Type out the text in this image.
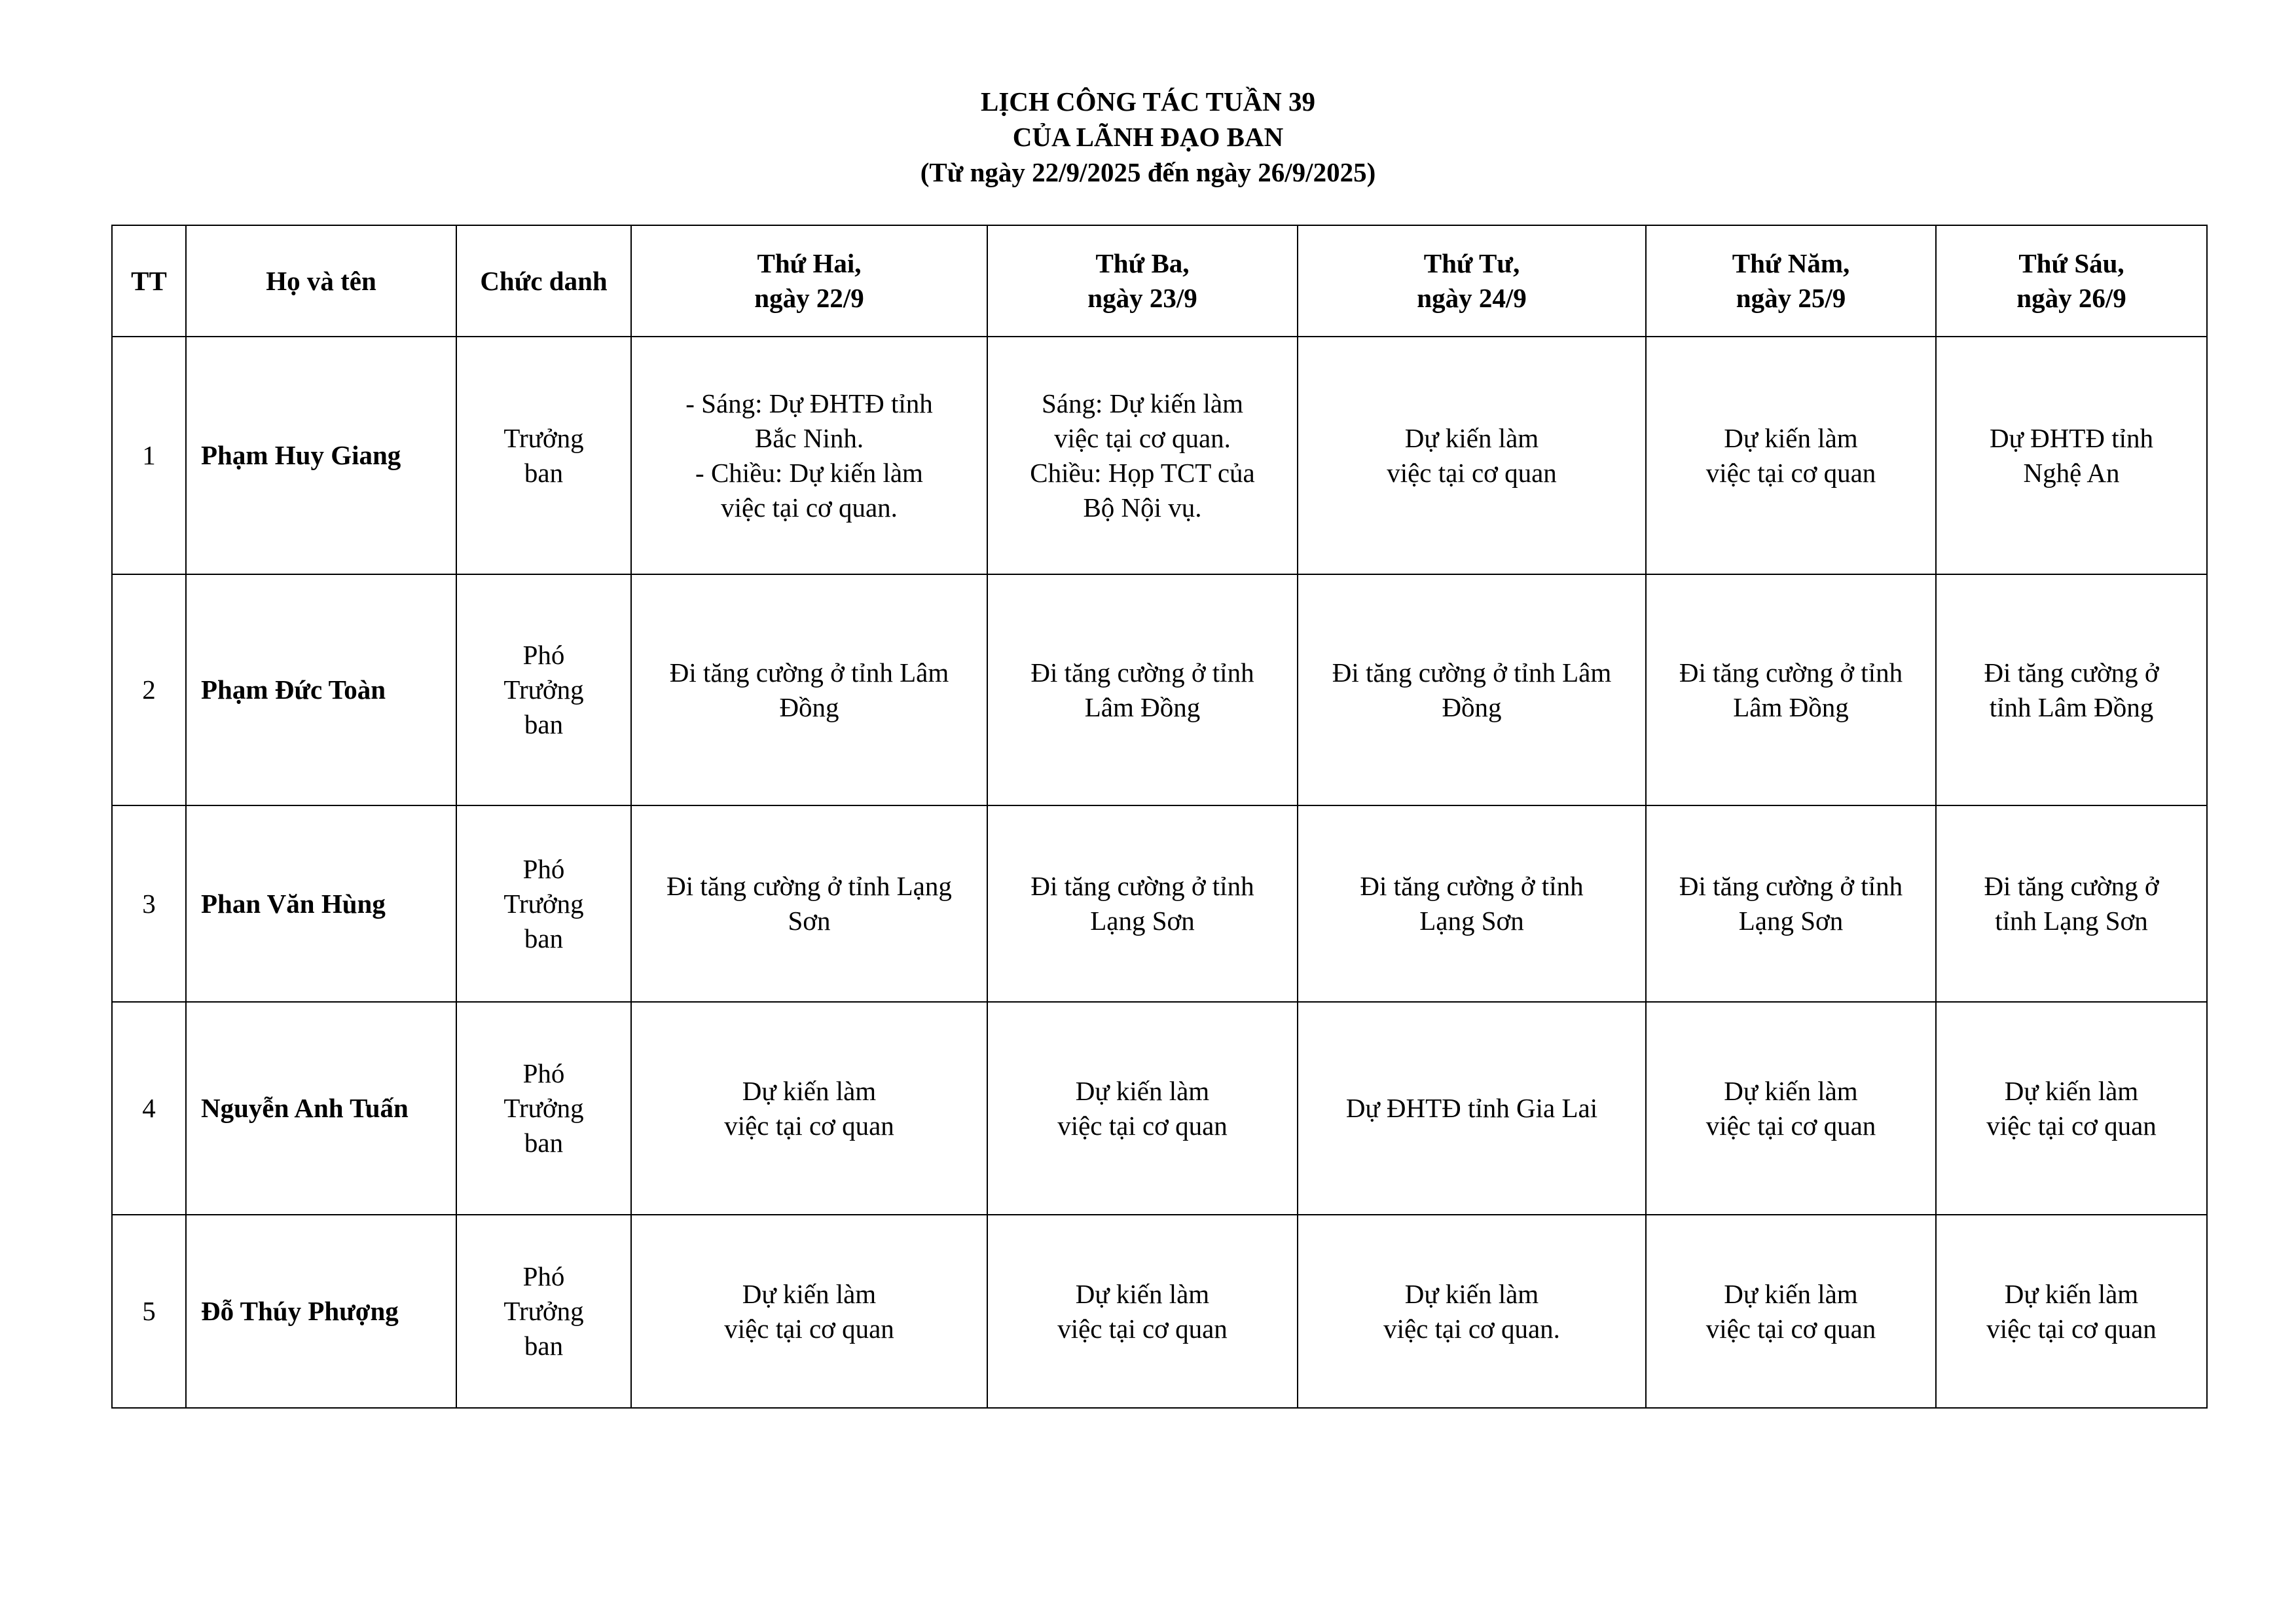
LỊCH CÔNG TÁC TUẦN 39
CỦA LÃNH ĐẠO BAN
(Từ ngày 22/9/2025 đến ngày 26/9/2025)
TT	Họ và tên	Chức danh	Thứ Hai,
ngày 22/9	Thứ Ba,
ngày 23/9	Thứ Tư,
ngày 24/9	Thứ Năm,
ngày 25/9	Thứ Sáu,
ngày 26/9

1	Phạm Huy Giang	Trưởng
ban	- Sáng: Dự ĐHTĐ tỉnh
Bắc Ninh.
- Chiều: Dự kiến làm
việc tại cơ quan.	Sáng: Dự kiến làm
việc tại cơ quan.
Chiều: Họp TCT của
Bộ Nội vụ.	Dự kiến làm
việc tại cơ quan	Dự kiến làm
việc tại cơ quan	Dự ĐHTĐ tỉnh
Nghệ An

2	Phạm Đức Toàn	Phó
Trưởng
ban	Đi tăng cường ở tỉnh Lâm
Đồng	Đi tăng cường ở tỉnh
Lâm Đồng	Đi tăng cường ở tỉnh Lâm
Đồng	Đi tăng cường ở tỉnh
Lâm Đồng	Đi tăng cường ở
tỉnh Lâm Đồng

3	Phan Văn Hùng	Phó
Trưởng
ban	Đi tăng cường ở tỉnh Lạng
Sơn	Đi tăng cường ở tỉnh
Lạng Sơn	Đi tăng cường ở tỉnh
Lạng Sơn	Đi tăng cường ở tỉnh
Lạng Sơn	Đi tăng cường ở
tỉnh Lạng Sơn

4	Nguyễn Anh Tuấn	Phó
Trưởng
ban	Dự kiến làm
việc tại cơ quan	Dự kiến làm
việc tại cơ quan	Dự ĐHTĐ tỉnh Gia Lai	Dự kiến làm
việc tại cơ quan	Dự kiến làm
việc tại cơ quan

5	Đỗ Thúy Phượng	Phó
Trưởng
ban	Dự kiến làm
việc tại cơ quan	Dự kiến làm
việc tại cơ quan	Dự kiến làm
việc tại cơ quan.	Dự kiến làm
việc tại cơ quan	Dự kiến làm
việc tại cơ quan
